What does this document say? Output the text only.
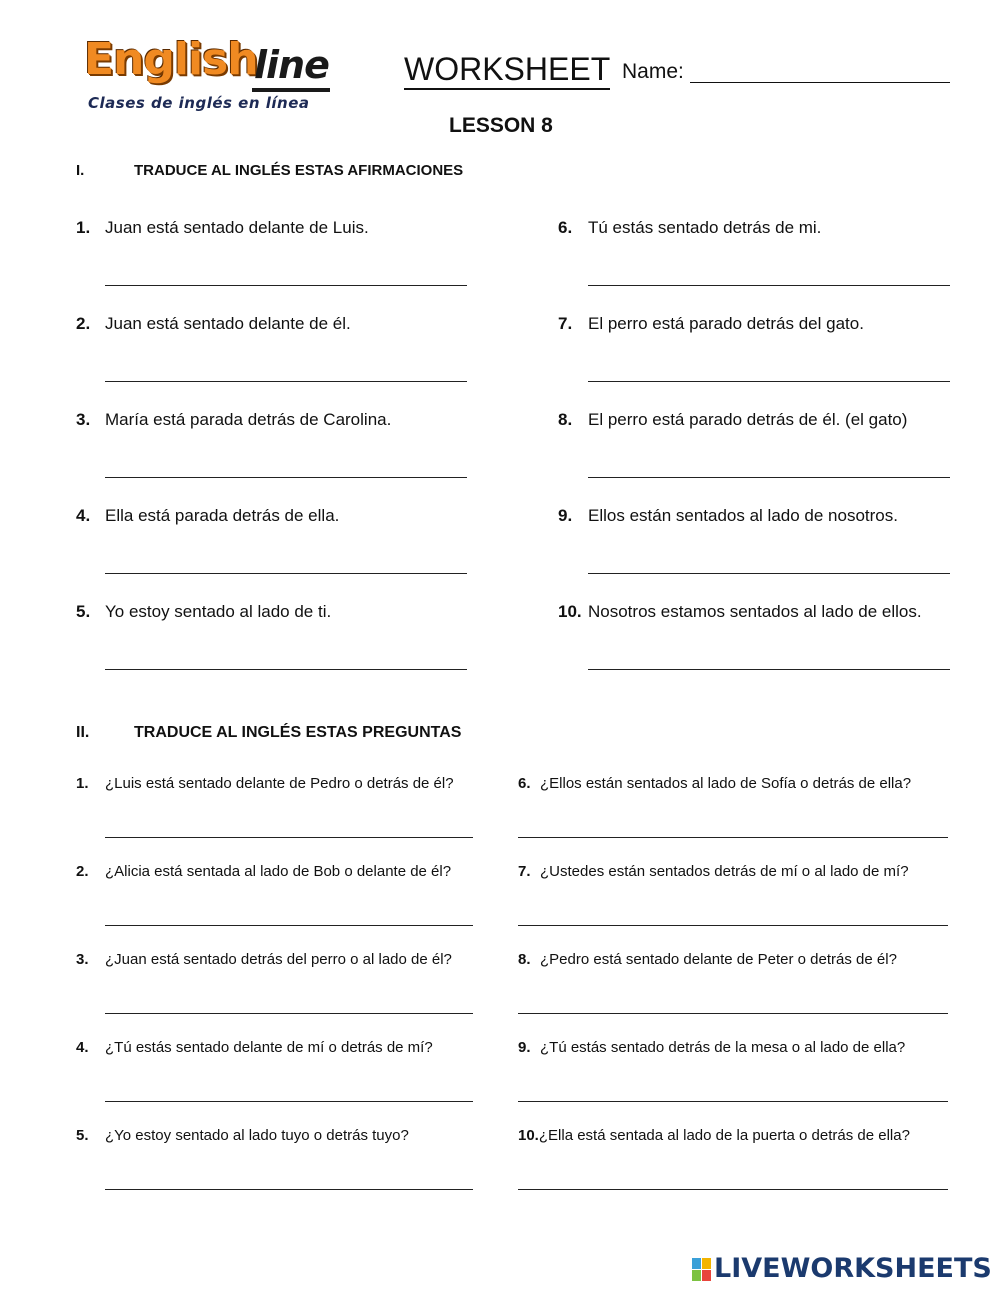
English
line
Clases de inglés en línea
WORKSHEET Name:
LESSON 8
I.	TRADUCE AL INGLÉS ESTAS AFIRMACIONES
1. Juan está sentado delante de Luis.
2. Juan está sentado delante de él.
3. María está parada detrás de Carolina.
4. Ella está parada detrás de ella.
5. Yo estoy sentado al lado de ti.
6. Tú estás sentado detrás de mi.
7. El perro está parado detrás del gato.
8. El perro está parado detrás de él. (el gato)
9. Ellos están sentados al lado de nosotros.
10. Nosotros estamos sentados al lado de ellos.
II.	TRADUCE AL INGLÉS ESTAS PREGUNTAS
1. ¿Luis está sentado delante de Pedro o detrás de él?
2. ¿Alicia está sentada al lado de Bob o delante de él?
3. ¿Juan está sentado detrás del perro o al lado de él?
4. ¿Tú estás sentado delante de mí o detrás de mí?
5. ¿Yo estoy sentado al lado tuyo o detrás tuyo?
6. ¿Ellos están sentados al lado de Sofía o detrás de ella?
7. ¿Ustedes están sentados detrás de mí o al lado de mí?
8. ¿Pedro está sentado delante de Peter o detrás de él?
9. ¿Tú estás sentado detrás de la mesa o al lado de ella?
10.¿Ella está sentada al lado de la puerta o detrás de ella?
LIVEWORKSHEETS
